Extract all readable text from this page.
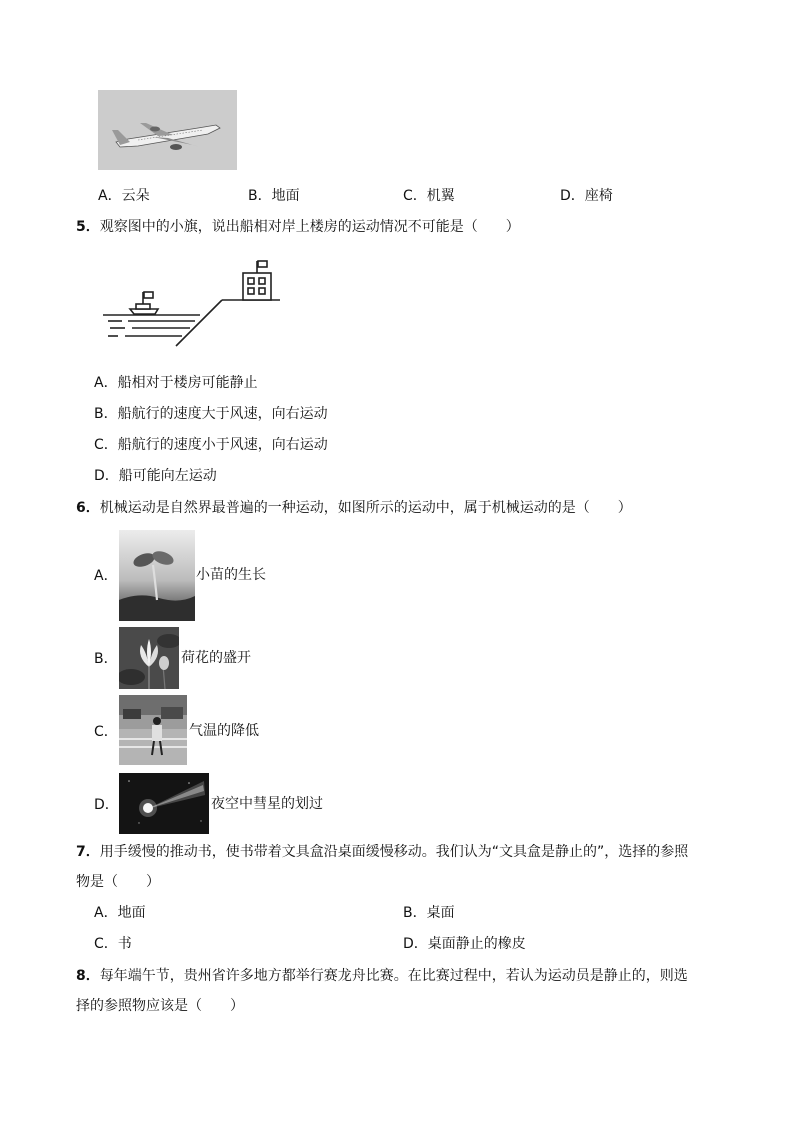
A．云朵	B．地面	C．机翼	D．座椅
5．观察图中的小旗，说出船相对岸上楼房的运动情况不可能是（　　）
A．船相对于楼房可能静止
B．船航行的速度大于风速，向右运动
C．船航行的速度小于风速，向右运动
D．船可能向左运动
6．机械运动是自然界最普遍的一种运动，如图所示的运动中，属于机械运动的是（　　）
A．	小苗的生长
B．	荷花的盛开
C．	气温的降低
D．	夜空中彗星的划过
7．用手缓慢的推动书，使书带着文具盒沿桌面缓慢移动。我们认为“文具盒是静止的”，选择的参照
物是（　　）
A．地面	B．桌面
C．书	D．桌面静止的橡皮
8．每年端午节，贵州省许多地方都举行赛龙舟比赛。在比赛过程中，若认为运动员是静止的，则选
择的参照物应该是（　　）
